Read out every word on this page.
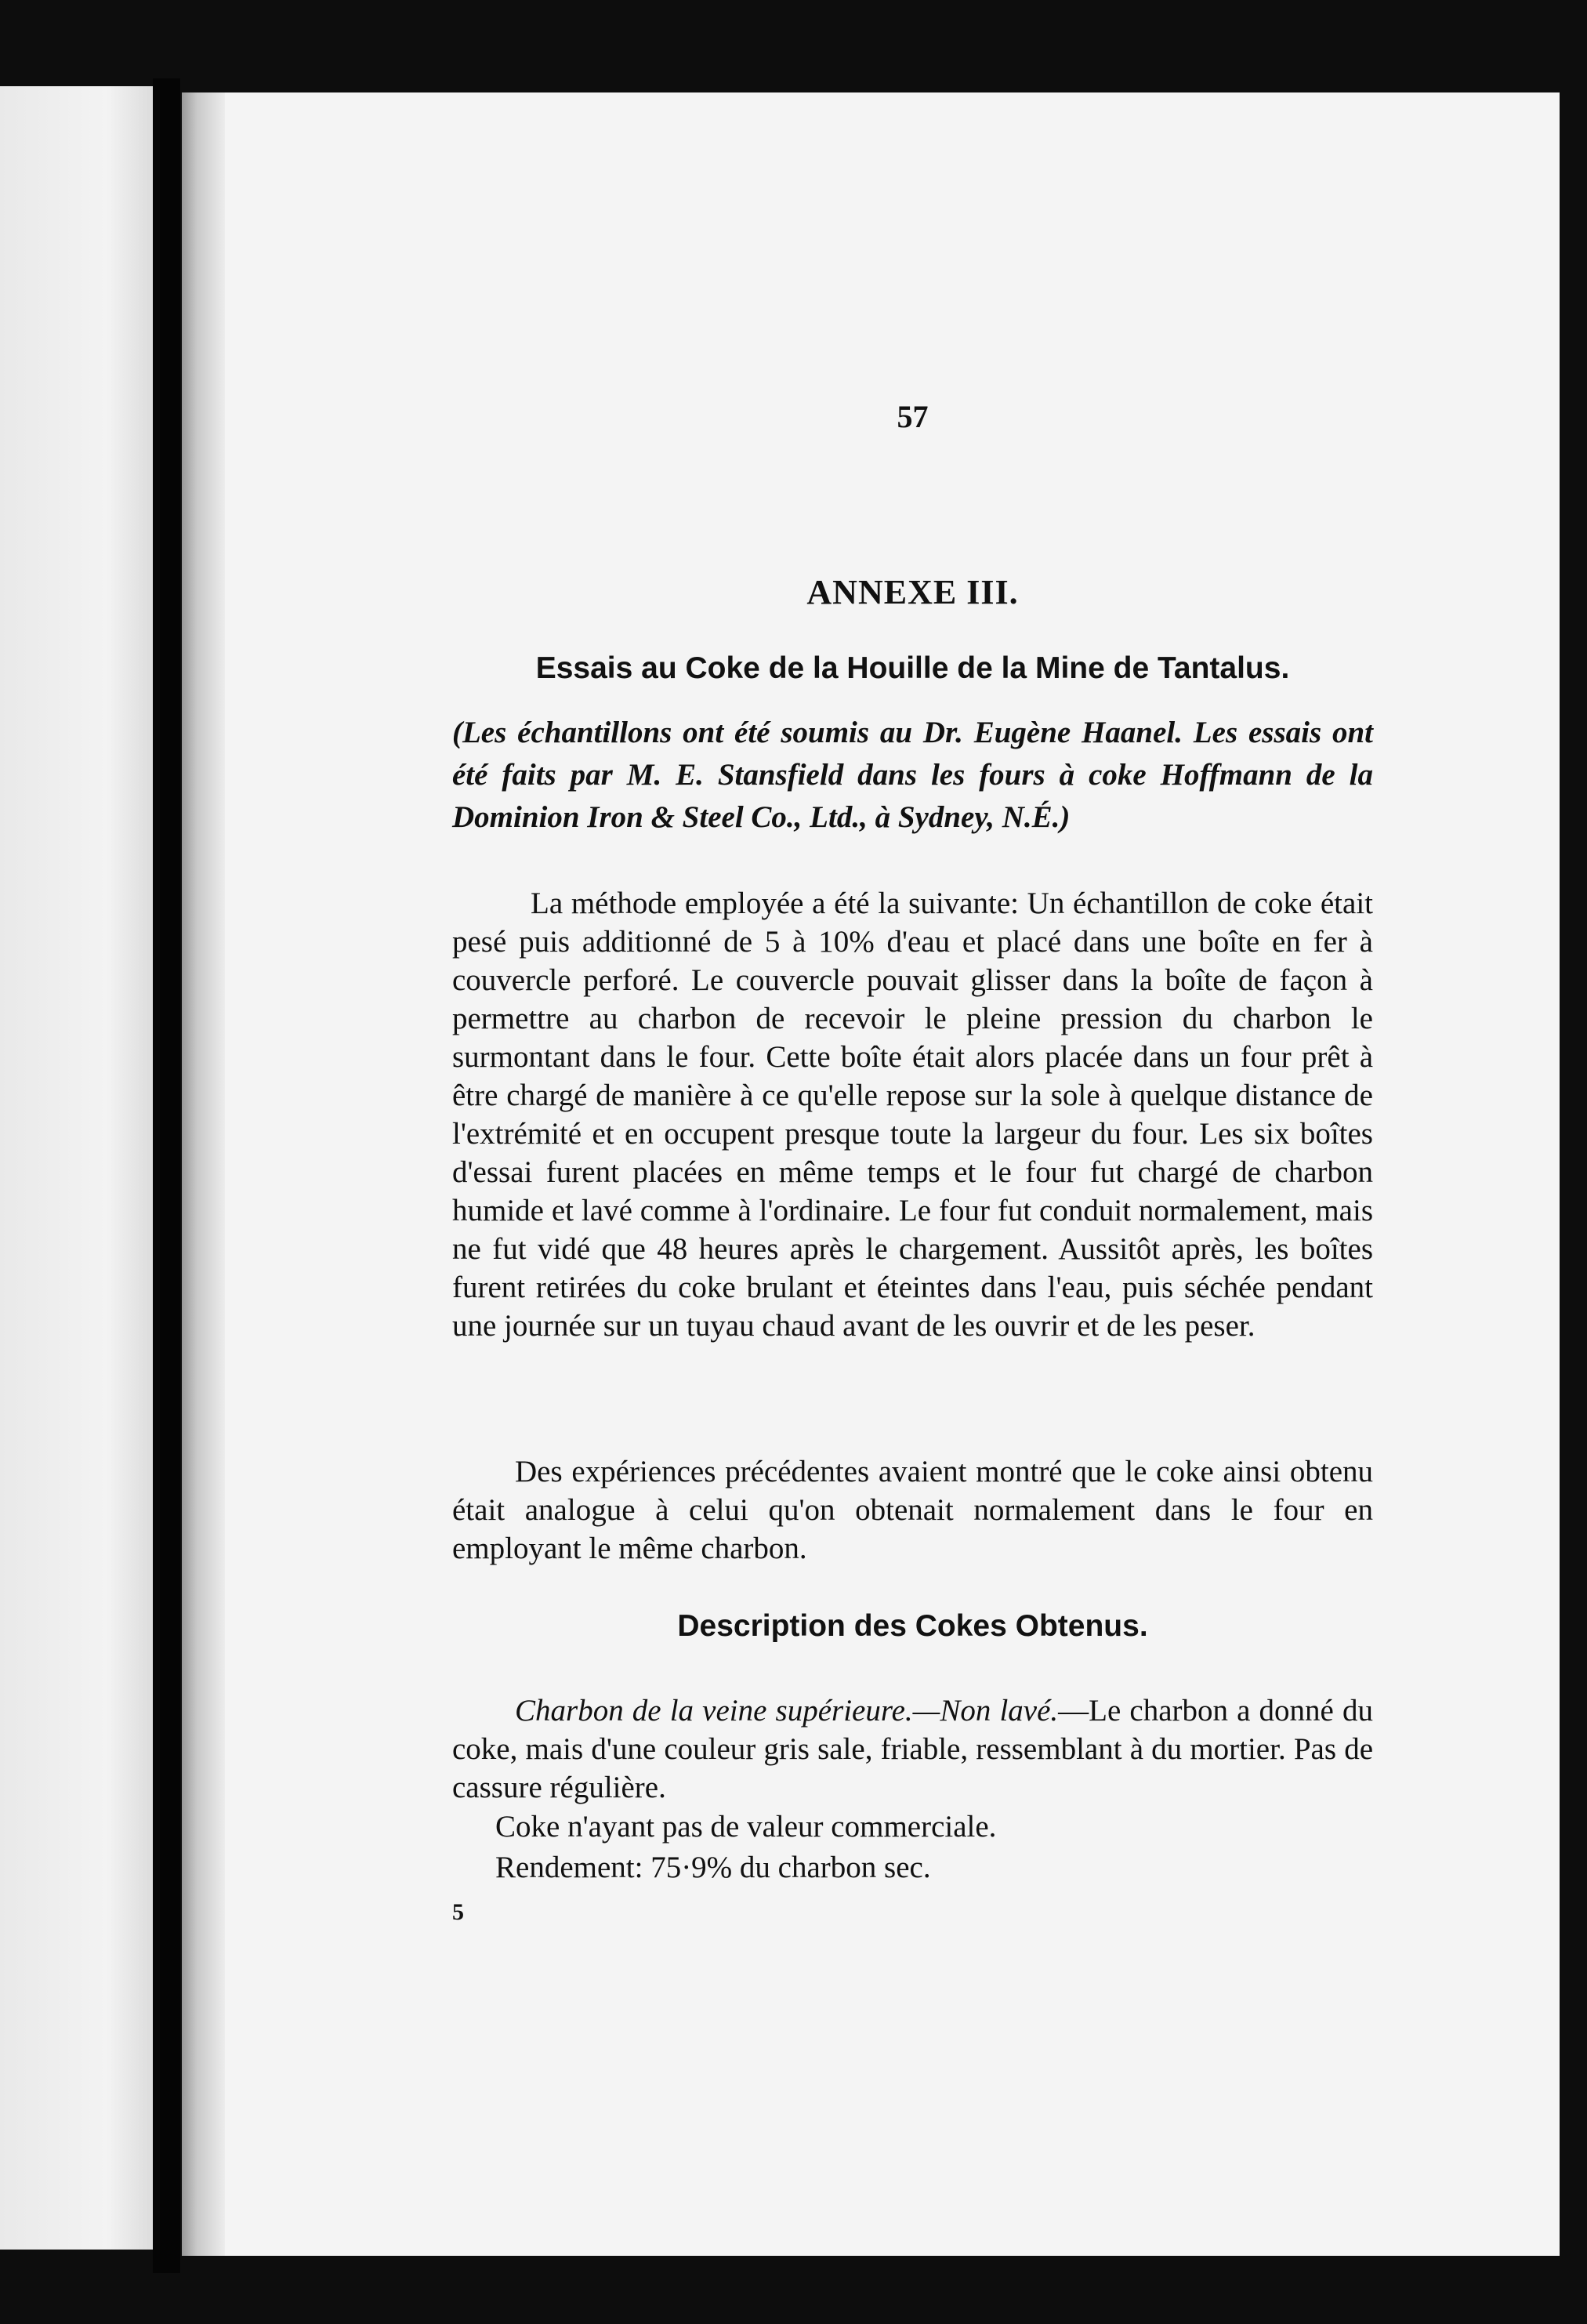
57

ANNEXE III.
Essais au Coke de la Houille de la Mine de Tantalus.

(Les échantillons ont été soumis au Dr. Eugène Haanel. Les essais ont été faits par M. E. Stansfield dans les fours à coke Hoffmann de la Dominion Iron & Steel Co., Ltd., à Sydney, N.É.)

La méthode employée a été la suivante: Un échantillon de coke était pesé puis additionné de 5 à 10% d'eau et placé dans une boîte en fer à couvercle perforé. Le couvercle pouvait glisser dans la boîte de façon à permettre au charbon de recevoir le pleine pression du charbon le surmontant dans le four. Cette boîte était alors placée dans un four prêt à être chargé de manière à ce qu'elle repose sur la sole à quelque distance de l'extrémité et en occupent presque toute la largeur du four. Les six boîtes d'essai furent placées en même temps et le four fut chargé de charbon humide et lavé comme à l'ordinaire. Le four fut conduit normalement, mais ne fut vidé que 48 heures après le chargement. Aussitôt après, les boîtes furent retirées du coke brulant et éteintes dans l'eau, puis séchée pendant une journée sur un tuyau chaud avant de les ouvrir et de les peser.

Des expériences précédentes avaient montré que le coke ainsi obtenu était analogue à celui qu'on obtenait normalement dans le four en employant le même charbon.

Description des Cokes Obtenus.

Charbon de la veine supérieure.—Non lavé.—Le charbon a donné du coke, mais d'une couleur gris sale, friable, ressemblant à du mortier. Pas de cassure régulière.

Coke n'ayant pas de valeur commerciale.

Rendement: 75·9% du charbon sec.

5
